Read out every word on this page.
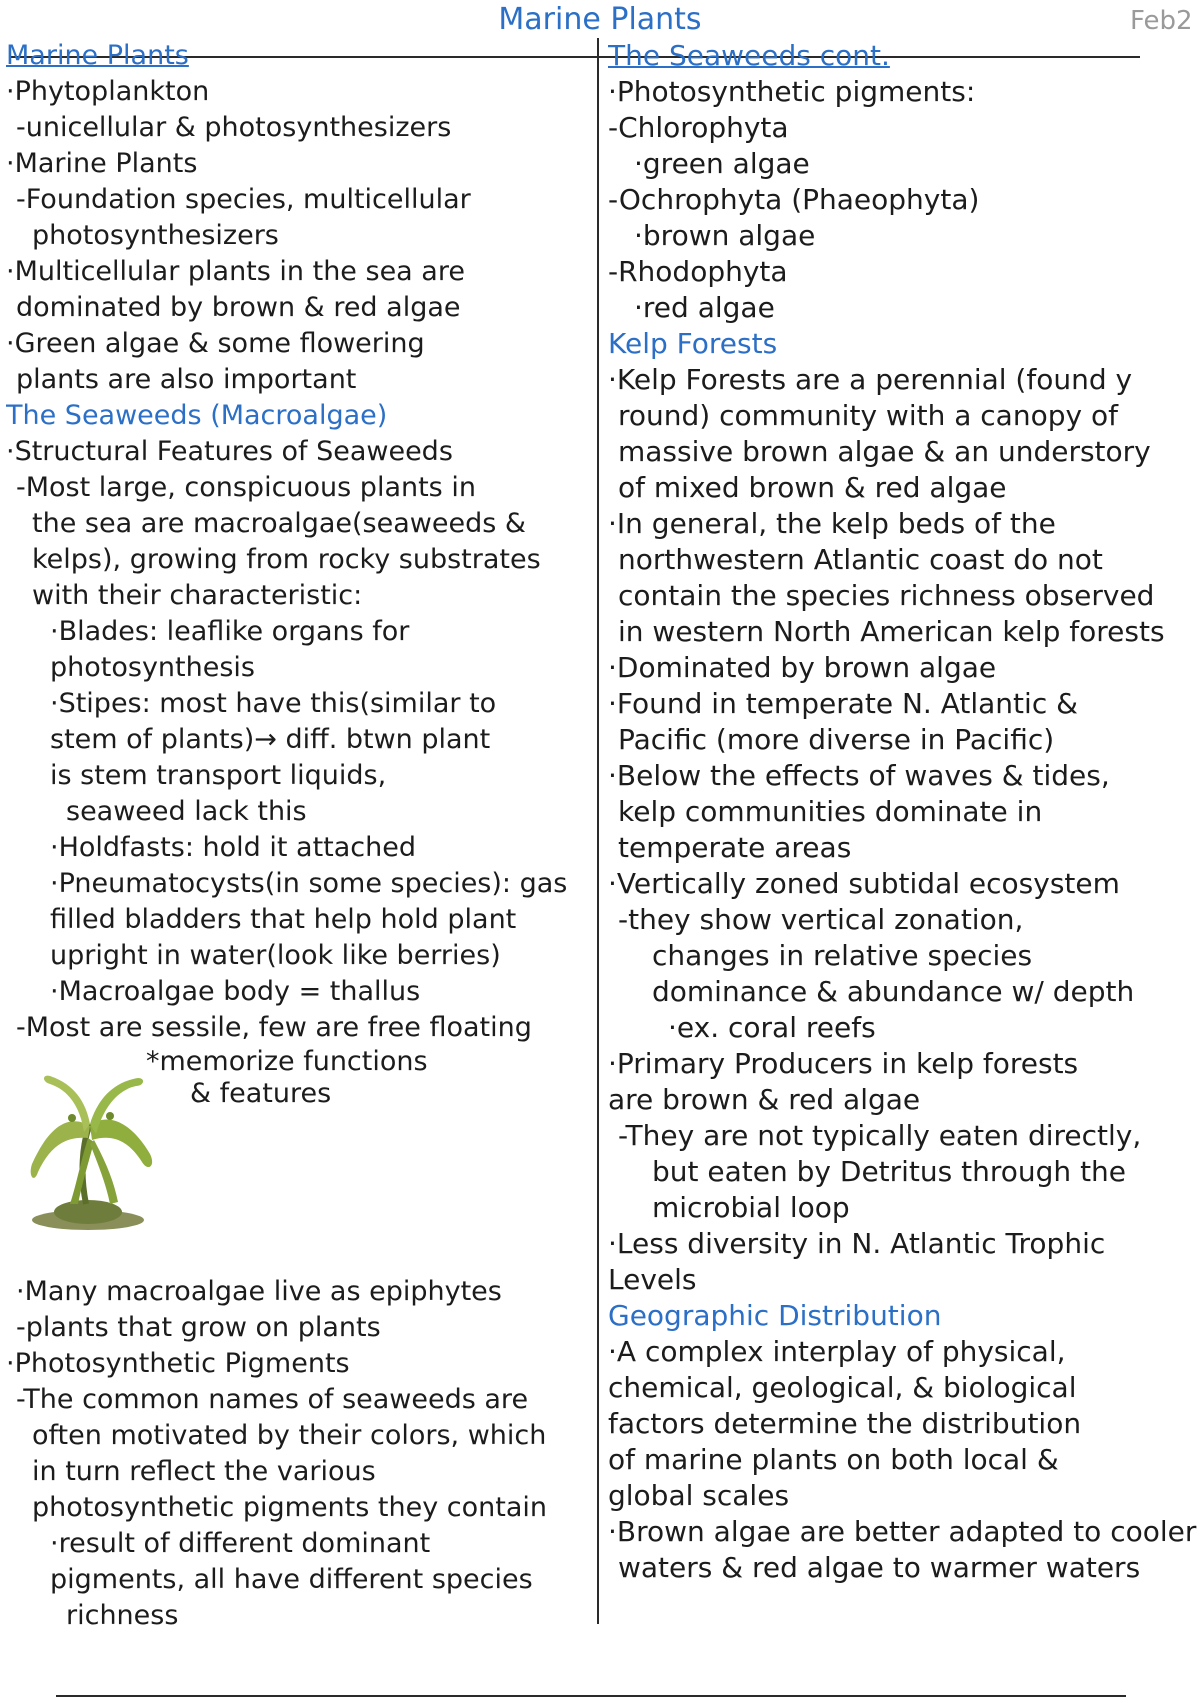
Marine Plants	Feb2
Marine Plants
·Phytoplankton
-unicellular & photosynthesizers
·Marine Plants
-Foundation species, multicellular
photosynthesizers
·Multicellular plants in the sea are
dominated by brown & red algae
·Green algae & some flowering
plants are also important
The Seaweeds (Macroalgae)
·Structural Features of Seaweeds
-Most large, conspicuous plants in
the sea are macroalgae(seaweeds &
kelps), growing from rocky substrates
with their characteristic:
·Blades: leaflike organs for
photosynthesis
·Stipes: most have this(similar to
stem of plants)→ diff. btwn plant
is stem transport liquids,
seaweed lack this
·Holdfasts: hold it attached
·Pneumatocysts(in some species): gas
filled bladders that help hold plant
upright in water(look like berries)
·Macroalgae body = thallus
-Most are sessile, few are free floating
*memorize functions
& features
·Many macroalgae live as epiphytes
-plants that grow on plants
·Photosynthetic Pigments
-The common names of seaweeds are
often motivated by their colors, which
in turn reflect the various
photosynthetic pigments they contain
·result of different dominant
pigments, all have different species
richness
The Seaweeds cont.
·Photosynthetic pigments:
-Chlorophyta
·green algae
-Ochrophyta (Phaeophyta)
·brown algae
-Rhodophyta
·red algae
Kelp Forests
·Kelp Forests are a perennial (found y
round) community with a canopy of
massive brown algae & an understory
of mixed brown & red algae
·In general, the kelp beds of the
northwestern Atlantic coast do not
contain the species richness observed
in western North American kelp forests
·Dominated by brown algae
·Found in temperate N. Atlantic &
Pacific (more diverse in Pacific)
·Below the effects of waves & tides,
kelp communities dominate in
temperate areas
·Vertically zoned subtidal ecosystem
-they show vertical zonation,
changes in relative species
dominance & abundance w/ depth
·ex. coral reefs
·Primary Producers in kelp forests
are brown & red algae
-They are not typically eaten directly,
but eaten by Detritus through the
microbial loop
·Less diversity in N. Atlantic Trophic
Levels
Geographic Distribution
·A complex interplay of physical,
chemical, geological, & biological
factors determine the distribution
of marine plants on both local &
global scales
·Brown algae are better adapted to cooler
waters & red algae to warmer waters
